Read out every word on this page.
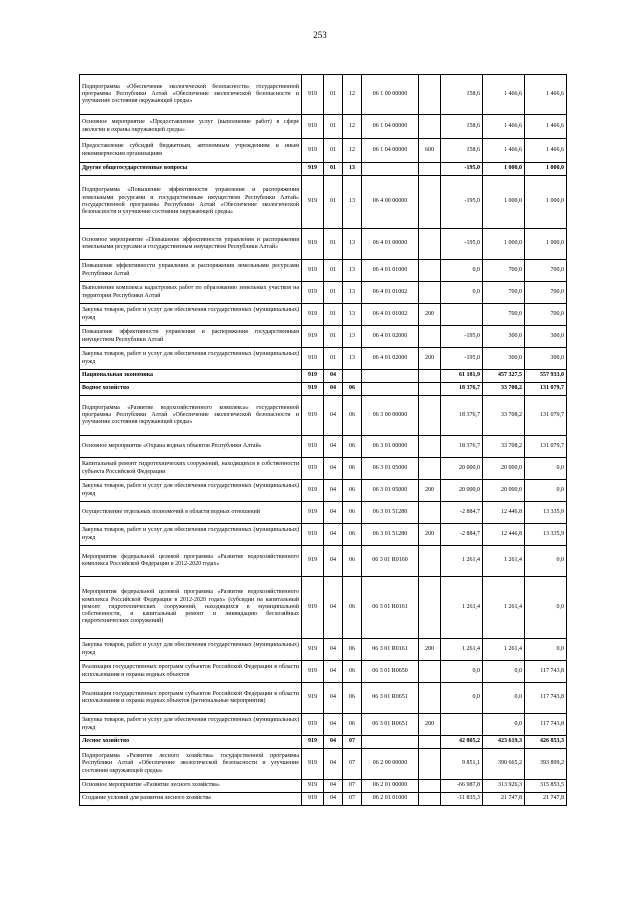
253
Подпрограмма «Обеспечение экологической безопасности» государственной программы Республики Алтай «Обеспечение экологической безопасности и улучшение состояния окружающей среды»	919	01	12	06 1 00 00000		158,6	1 466,6	1 466,6
Основное мероприятие «Предоставление услуг (выполнение работ) в сфере экологии и охраны окружающей среды»	919	01	12	06 1 04 00000		158,6	1 466,6	1 466,6
Предоставление субсидий бюджетным, автономным учреждениям и иным некоммерческим организациям	919	01	12	06 1 04 00000	600	158,6	1 466,6	1 466,6
Другие общегосударственные вопросы	919	01	13			-195,0	1 000,0	1 000,0
Подпрограмма «Повышение эффективности управления и распоряжения земельными ресурсами и государственным имуществом Республики Алтай» государственной программы Республики Алтай «Обеспечение экологической безопасности и улучшение состояния окружающей среды»	919	01	13	06 4 00 00000		-195,0	1 000,0	1 000,0
Основное мероприятие «Повышение эффективности управления и распоряжения земельными ресурсами и государственным имуществом Республики Алтай»	919	01	13	06 4 01 00000		-195,0	1 000,0	1 000,0
Повышение эффективности управления и распоряжения земельными ресурсами Республики Алтай	919	01	13	06 4 01 01000		0,0	700,0	700,0
Выполнение комплекса кадастровых работ по образованию земельных участков на территории Республики Алтай	919	01	13	06 4 01 01002		0,0	700,0	700,0
Закупка товаров, работ и услуг для обеспечения государственных (муниципальных) нужд	919	01	13	06 4 01 01002	200		700,0	700,0
Повышение эффективности управления и распоряжения государственным имуществом Республики Алтай	919	01	13	06 4 01 02000		-195,0	300,0	300,0
Закупка товаров, работ и услуг для обеспечения государственных (муниципальных) нужд	919	01	13	06 4 01 02000	200	-195,0	300,0	300,0
Национальная экономика	919	04				61 181,9	457 327,5	557 933,0
Водное хозяйство	919	04	06			18 376,7	33 708,2	131 079,7
Подпрограмма «Развитие водохозяйственного комплекса» государственной программы Республики Алтай «Обеспечение экологической безопасности и улучшение состояния окружающей среды»	919	04	06	06 3 00 00000		18 376,7	33 708,2	131 079,7
Основное мероприятие «Охрана водных объектов Республики Алтай»	919	04	06	06 3 01 00000		18 376,7	33 708,2	131 079,7
Капитальный ремонт гидротехнических сооружений, находящихся в собственности субъекта Российской Федерации	919	04	06	06 3 01 05000		20 000,0	20 000,0	0,0
Закупка товаров, работ и услуг для обеспечения государственных (муниципальных) нужд	919	04	06	06 3 01 05000	200	20 000,0	20 000,0	0,0
Осуществление отдельных полномочий в области водных отношений	919	04	06	06 3 01 51280		-2 884,7	12 446,8	13 335,9
Закупка товаров, работ и услуг для обеспечения государственных (муниципальных) нужд	919	04	06	06 3 01 51280	200	-2 884,7	12 446,8	13 335,9
Мероприятия федеральной целевой программы «Развитие водохозяйственного комплекса Российской Федерации в 2012-2020 годах»	919	04	06	06 3 01 R0160		1 261,4	1 261,4	0,0
Мероприятия федеральной целевой программы «Развитие водохозяйственного комплекса Российской Федерации в 2012-2020 годах» (субсидии на капитальный ремонт гидротехнических сооружений, находящихся в муниципальной собственности, и капитальный ремонт и ликвидацию бесхозяйных гидротехнических сооружений)	919	04	06	06 3 01 R0161		1 261,4	1 261,4	0,0
Закупка товаров, работ и услуг для обеспечения государственных (муниципальных) нужд	919	04	06	06 3 01 R0161	200	1 261,4	1 261,4	0,0
Реализация государственных программ субъектов Российской Федерации в области использования и охраны водных объектов	919	04	06	06 3 01 R0650		0,0	0,0	117 743,8
Реализация государственных программ субъектов Российской Федерации в области использования и охраны водных объектов (региональные мероприятия)	919	04	06	06 3 01 R0651		0,0	0,0	117 743,8
Закупка товаров, работ и услуг для обеспечения государственных (муниципальных) нужд	919	04	06	06 3 01 R0651	200		0,0	117 743,8
Лесное хозяйство	919	04	07			42 805,2	423 619,3	426 853,3
Подпрограмма «Развитие лесного хозяйства» государственной программы Республики Алтай «Обеспечение экологической безопасности и улучшение состояния окружающей среды»	919	04	07	06 2 00 00000		9 851,1	390 665,2	393 899,2
Основное мероприятие «Развитие лесного хозяйства»	919	04	07	06 2 01 00000		-66 987,8	313 926,3	315 853,5
Создание условий для развития лесного хозяйства	919	04	07	06 2 01 01000		-11 835,3	21 747,8	21 747,8
